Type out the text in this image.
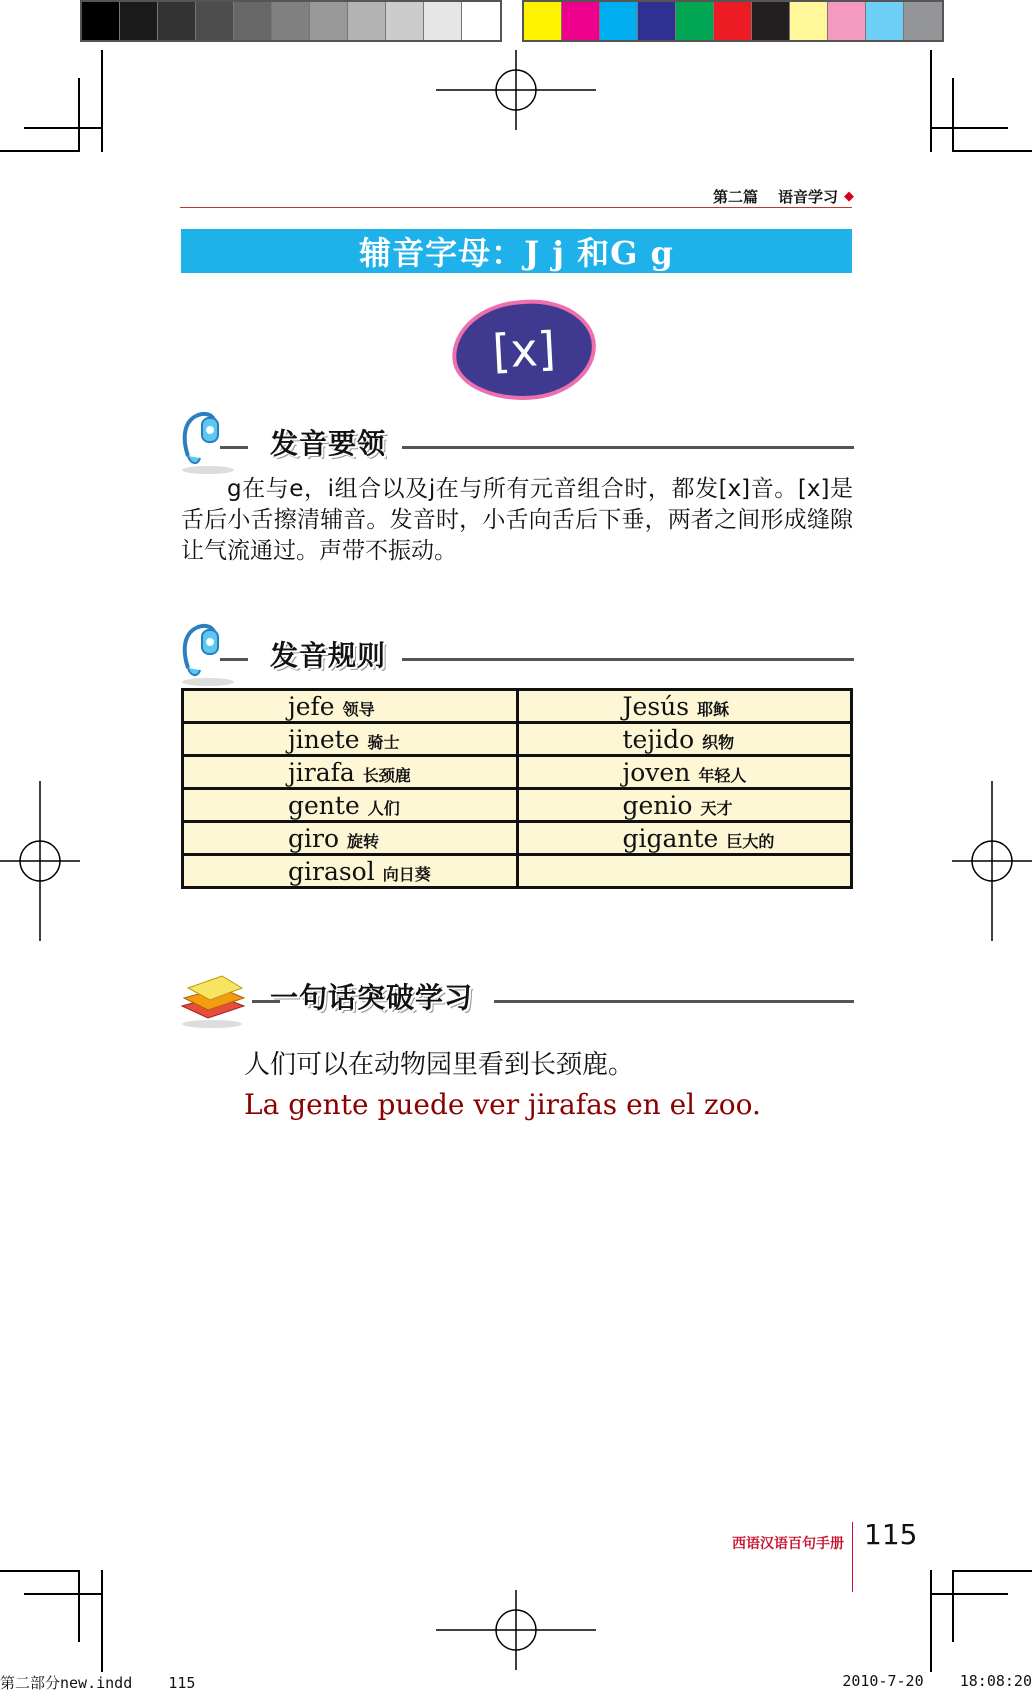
第二篇 语音学习 ◆
辅音字母：J j 和G g
[x]
发音要领

g在与e，i组合以及j在与所有元音组合时，都发[x]音。[x]是舌后小舌擦清辅音。发音时，小舌向舌后下垂，两者之间形成缝隙让气流通过。声带不振动。

发音规则
jefe 领导	Jesús 耶稣

jinete 骑士	tejido 织物

jirafa 长颈鹿	joven 年轻人

gente 人们	genio 天才

giro 旋转	gigante 巨大的

girasol 向日葵	

一句话突破学习
人们可以在动物园里看到长颈鹿。
La gente puede ver jirafas en el zoo.
西语汉语百句手册 115
第二部分new.indd 115	2010-7-20 18:08:20
